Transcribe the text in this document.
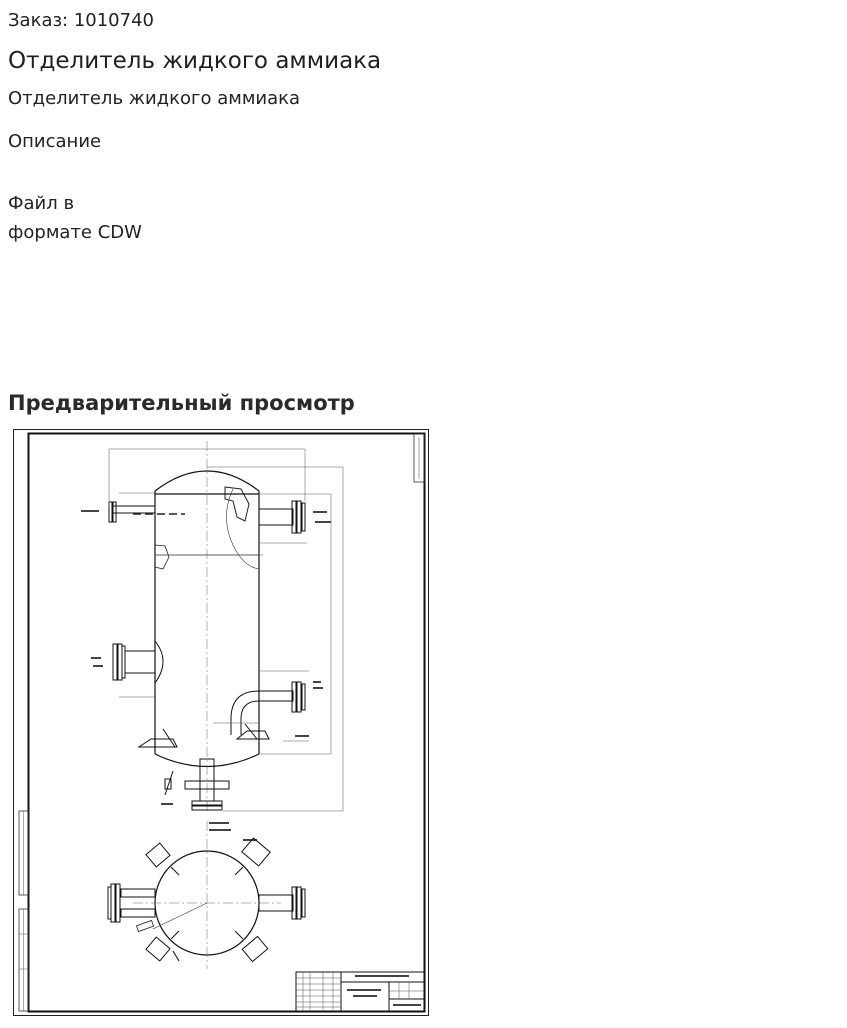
Заказ: 1010740
Отделитель жидкого аммиака
Отделитель жидкого аммиака
Описание
Файл в
формате CDW
Предварительный просмотр
